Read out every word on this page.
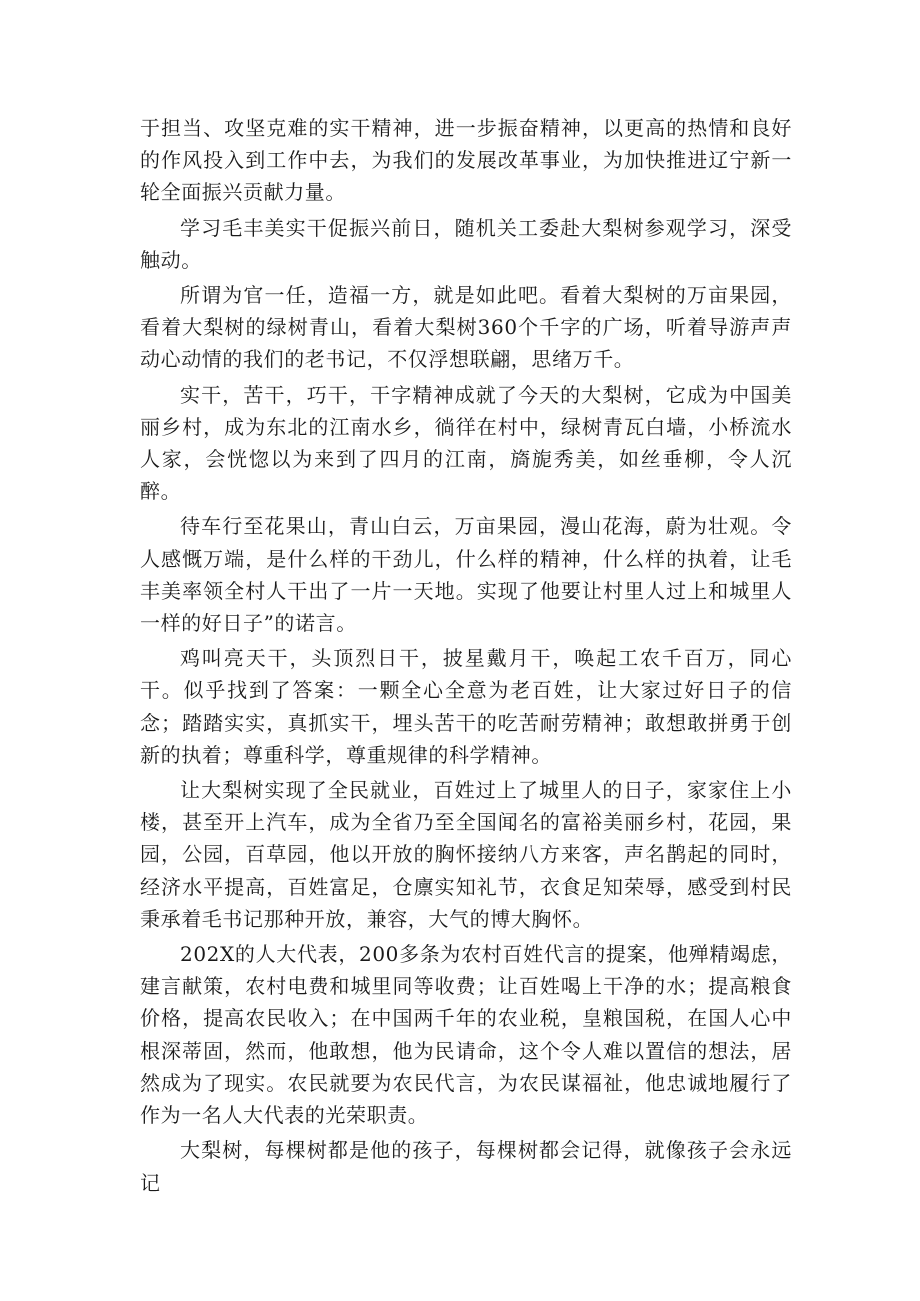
于担当、攻坚克难的实干精神，进一步振奋精神，以更高的热情和良好的作风投入到工作中去，为我们的发展改革事业，为加快推进辽宁新一轮全面振兴贡献力量。

学习毛丰美实干促振兴前日，随机关工委赴大梨树参观学习，深受触动。

所谓为官一任，造福一方，就是如此吧。看着大梨树的万亩果园，看着大梨树的绿树青山，看着大梨树360个千字的广场，听着导游声声动心动情的我们的老书记，不仅浮想联翩，思绪万千。

实干，苦干，巧干，干字精神成就了今天的大梨树，它成为中国美丽乡村，成为东北的江南水乡，徜徉在村中，绿树青瓦白墙，小桥流水人家，会恍惚以为来到了四月的江南，旖旎秀美，如丝垂柳，令人沉醉。

待车行至花果山，青山白云，万亩果园，漫山花海，蔚为壮观。令人感慨万端，是什么样的干劲儿，什么样的精神，什么样的执着，让毛丰美率领全村人干出了一片一天地。实现了他要让村里人过上和城里人一样的好日子”的诺言。

鸡叫亮天干，头顶烈日干，披星戴月干，唤起工农千百万，同心干。似乎找到了答案：一颗全心全意为老百姓，让大家过好日子的信念；踏踏实实，真抓实干，埋头苦干的吃苦耐劳精神；敢想敢拼勇于创新的执着；尊重科学，尊重规律的科学精神。

让大梨树实现了全民就业，百姓过上了城里人的日子，家家住上小楼，甚至开上汽车，成为全省乃至全国闻名的富裕美丽乡村，花园，果园，公园，百草园，他以开放的胸怀接纳八方来客，声名鹊起的同时，经济水平提高，百姓富足，仓廪实知礼节，衣食足知荣辱，感受到村民秉承着毛书记那种开放，兼容，大气的博大胸怀。

202X的人大代表，200多条为农村百姓代言的提案，他殚精竭虑，建言献策，农村电费和城里同等收费；让百姓喝上干净的水；提高粮食价格，提高农民收入；在中国两千年的农业税，皇粮国税，在国人心中根深蒂固，然而，他敢想，他为民请命，这个令人难以置信的想法，居然成为了现实。农民就要为农民代言，为农民谋福祉，他忠诚地履行了作为一名人大代表的光荣职责。

大梨树，每棵树都是他的孩子，每棵树都会记得，就像孩子会永远记
